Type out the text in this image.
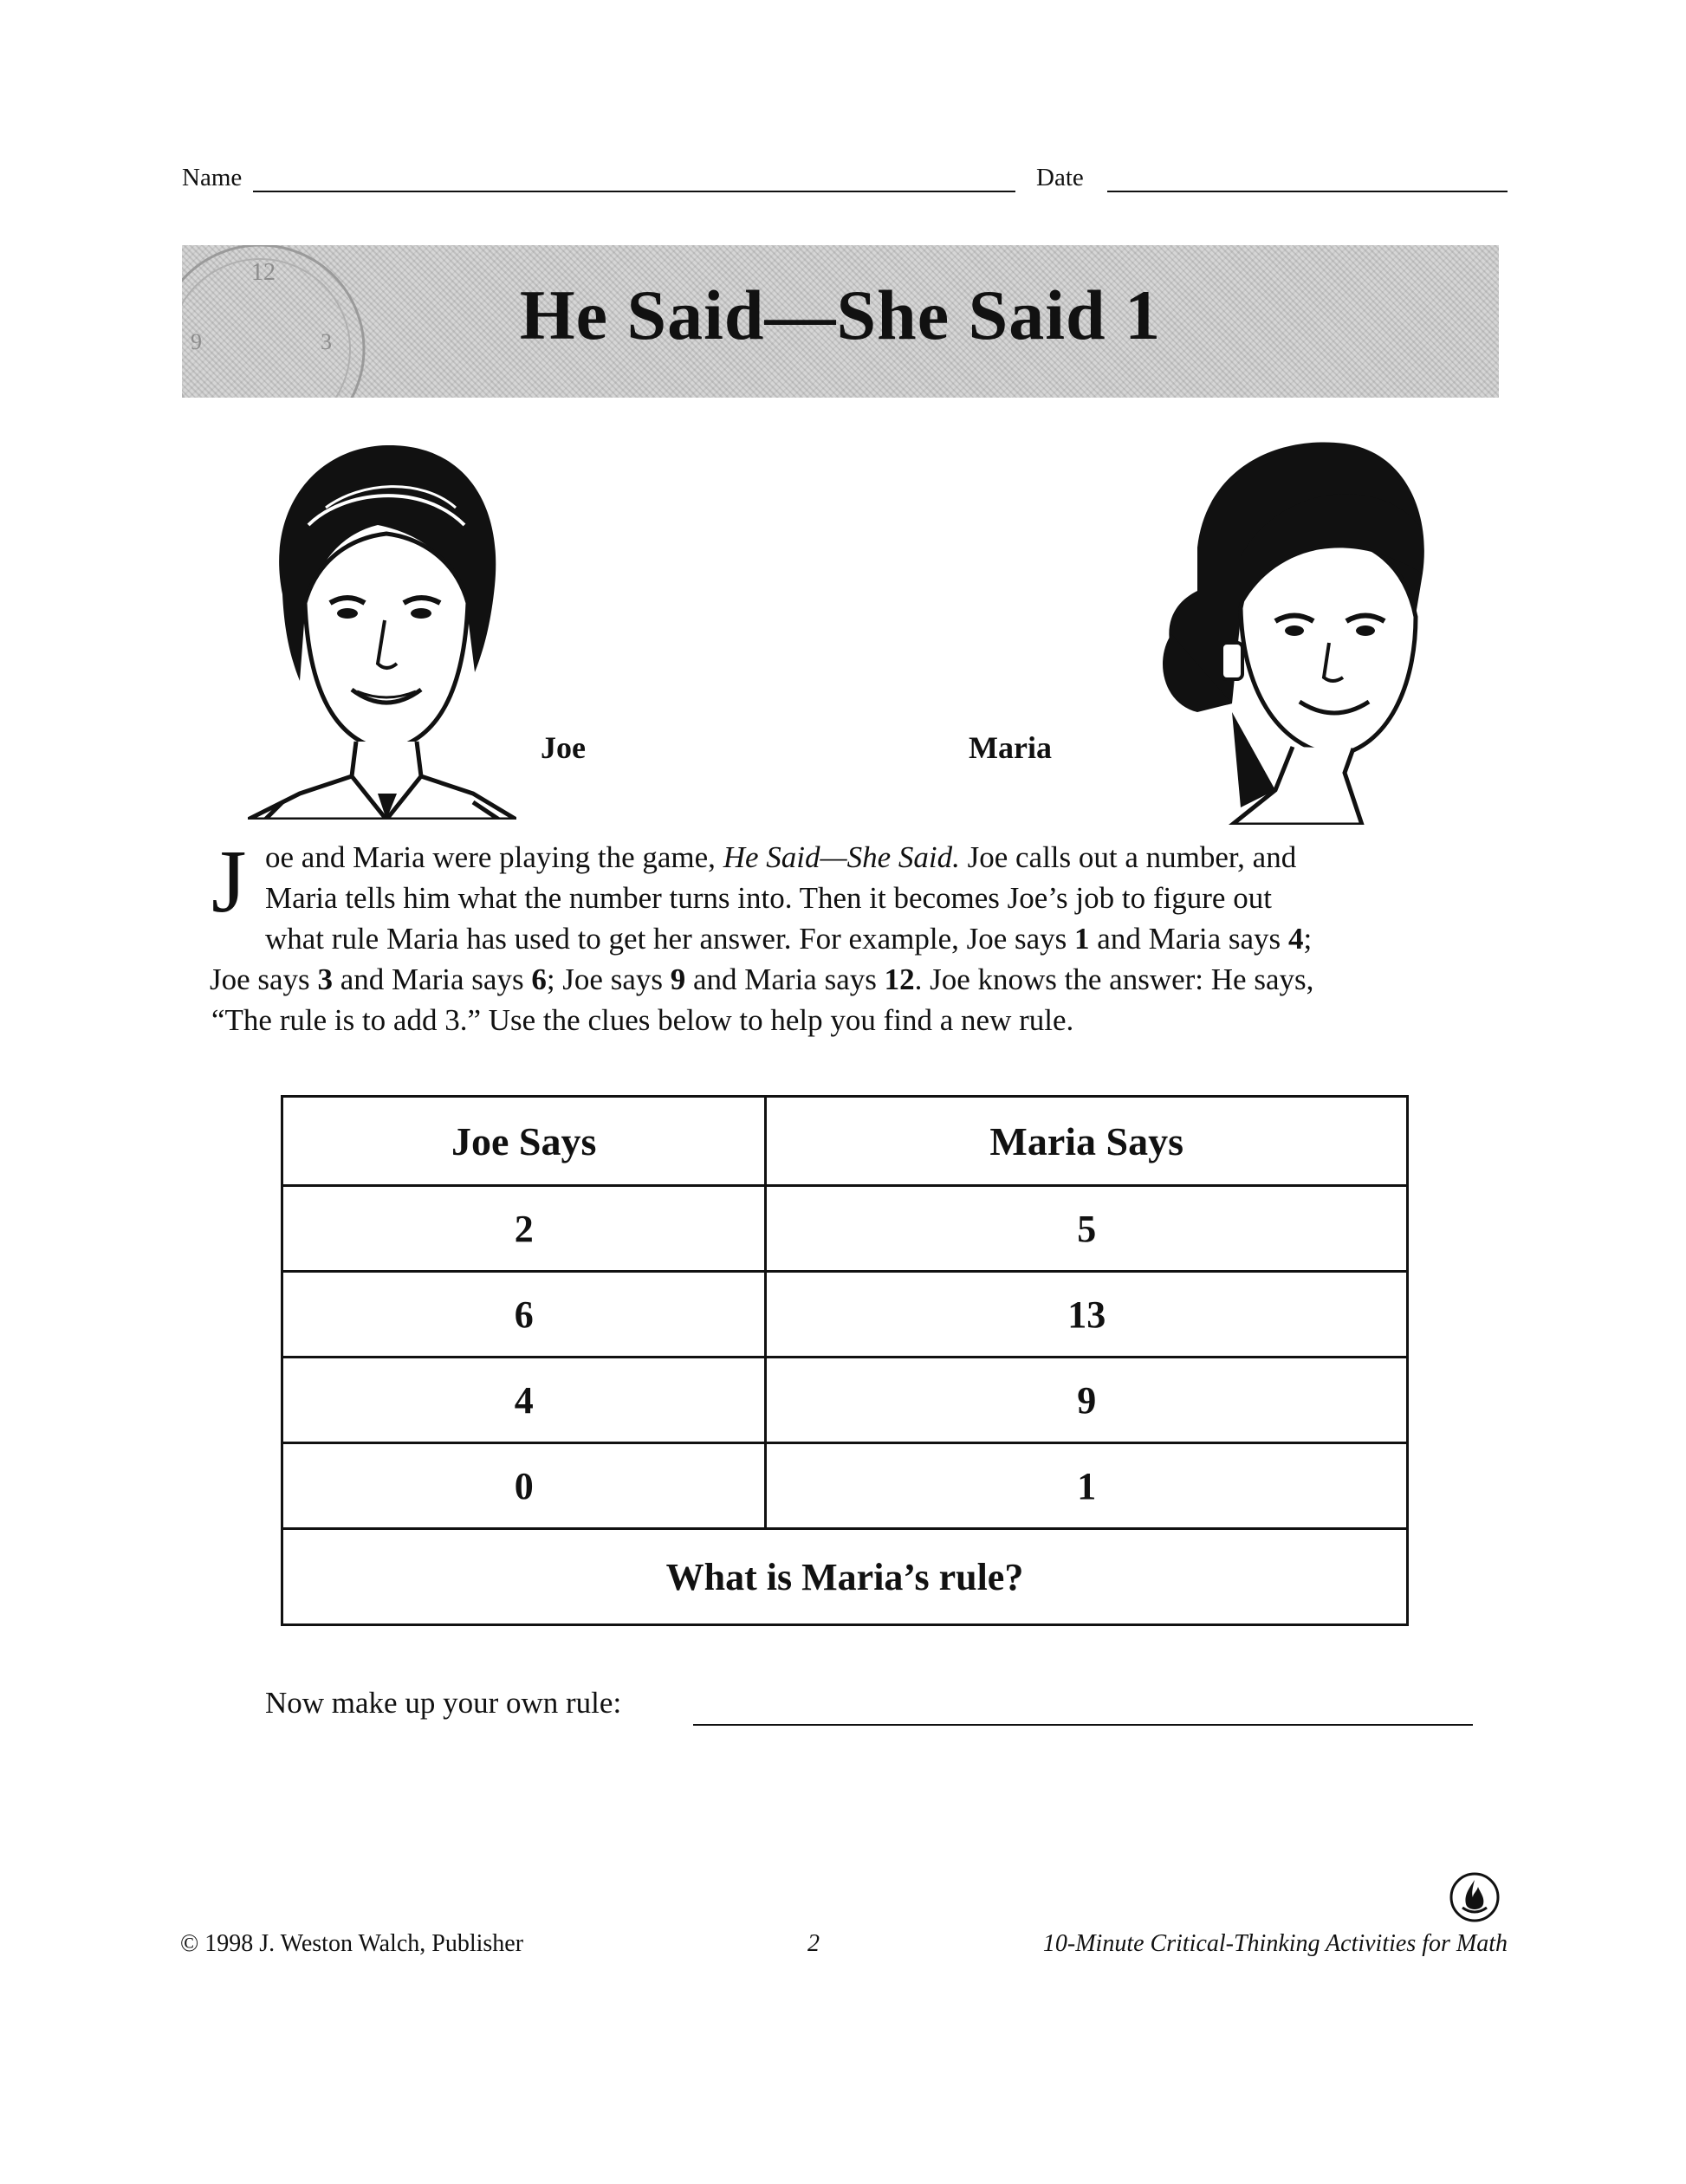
Name	Date
12
9	3	He Said—She Said 1
Joe	Maria
J oe and Maria were playing the game, He Said—She Said. Joe calls out a number, and
Maria tells him what the number turns into. Then it becomes Joe’s job to figure out
what rule Maria has used to get her answer. For example, Joe says 1 and Maria says 4;
Joe says 3 and Maria says 6; Joe says 9 and Maria says 12. Joe knows the answer: He says,
“The rule is to add 3.” Use the clues below to help you find a new rule.
Joe Says	Maria Says
2	5
6	13
4	9
0	1
What is Maria’s rule?	
Now make up your own rule:
© 1998 J. Weston Walch, Publisher	2	10-Minute Critical-Thinking Activities for Math
